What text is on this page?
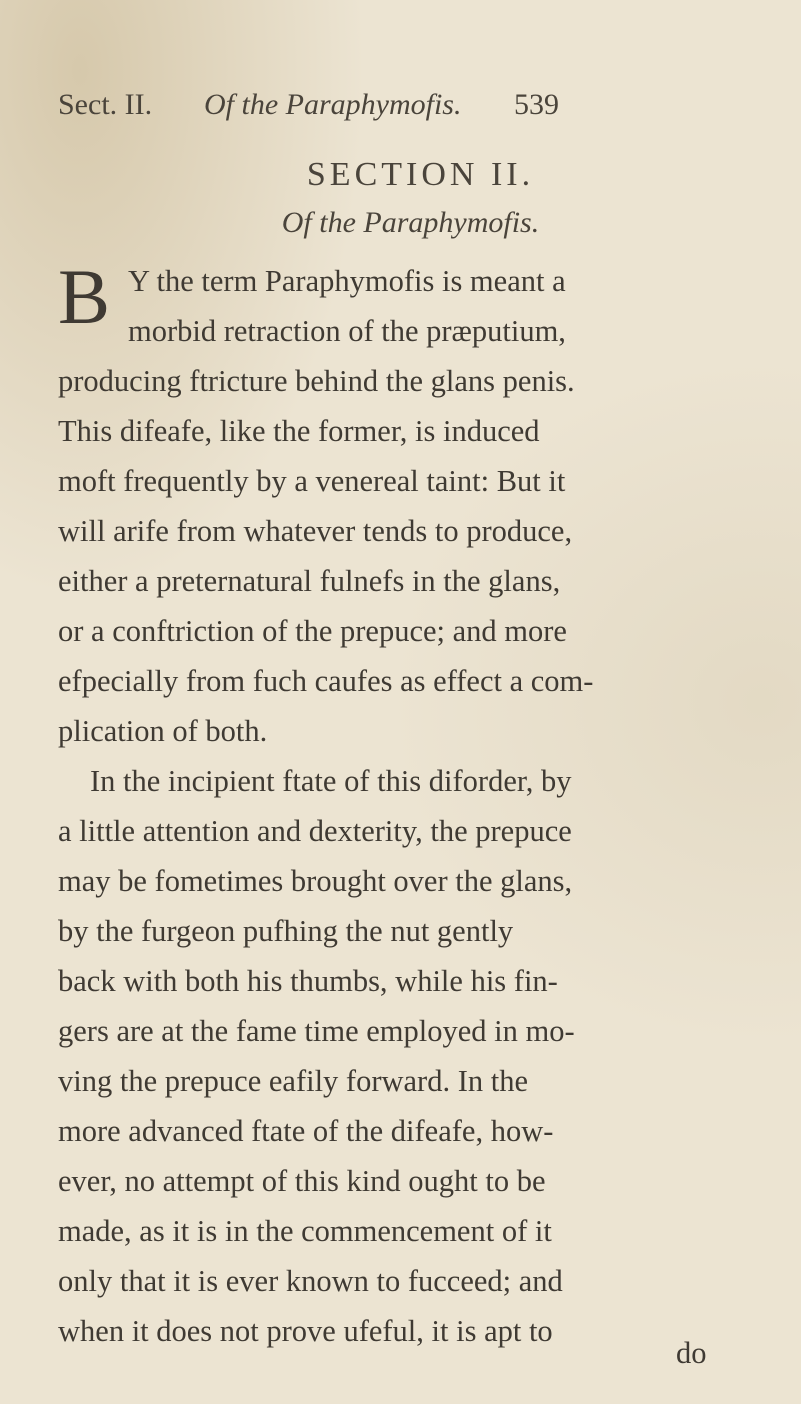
Sect. II. Of the Paraphymofis. 539
SECTION II.
Of the Paraphymofis.
B Y the term Paraphymofis is meant a
morbid retraction of the præputium,
producing ftricture behind the glans penis.
This difeafe, like the former, is induced
moft frequently by a venereal taint: But it
will arife from whatever tends to produce,
either a preternatural fulnefs in the glans,
or a conftriction of the prepuce; and more
efpecially from fuch caufes as effect a com-
plication of both.
In the incipient ftate of this diforder, by
a little attention and dexterity, the prepuce
may be fometimes brought over the glans,
by the furgeon pufhing the nut gently
back with both his thumbs, while his fin-
gers are at the fame time employed in mo-
ving the prepuce eafily forward. In the
more advanced ftate of the difeafe, how-
ever, no attempt of this kind ought to be
made, as it is in the commencement of it
only that it is ever known to fucceed; and
when it does not prove ufeful, it is apt to
do
